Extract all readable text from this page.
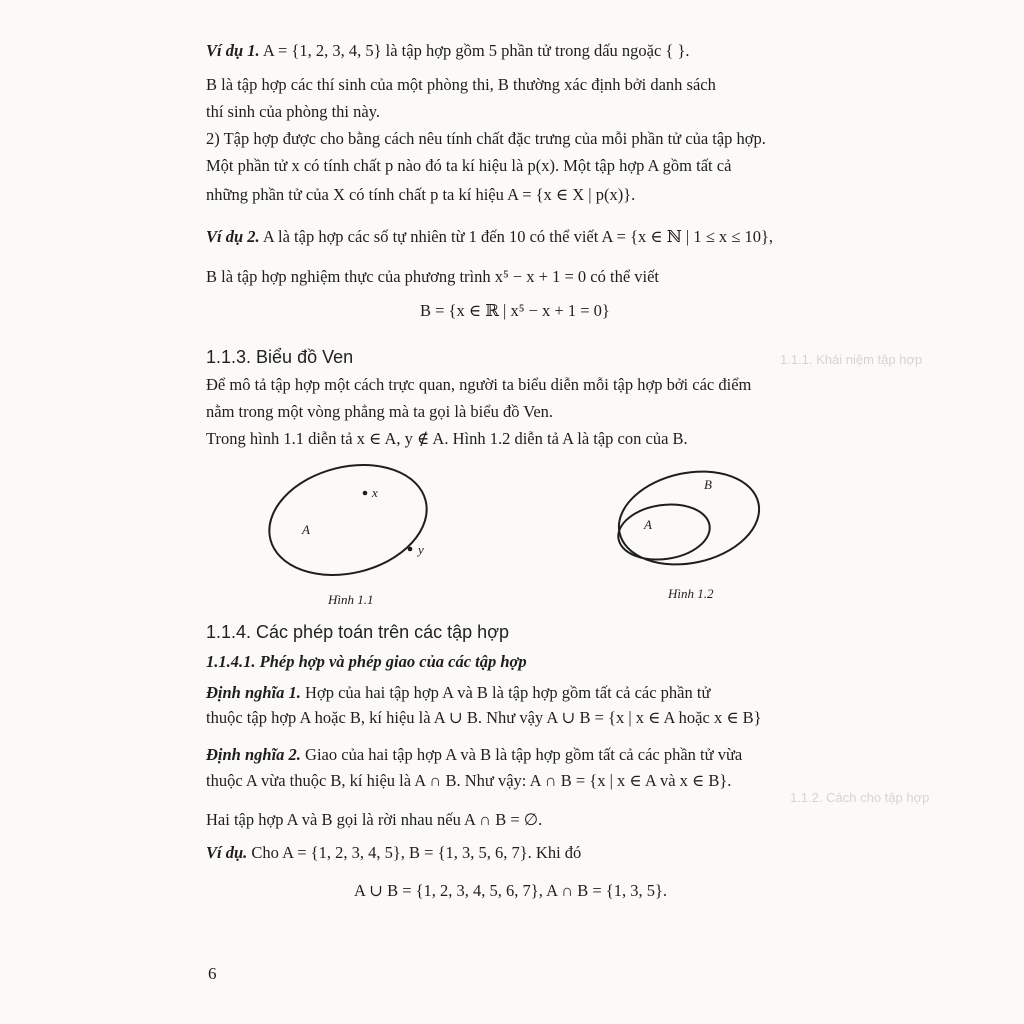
1.1.1. Khái niệm tập hợp
1.1.2. Cách cho tập hợp
Ví dụ 1. A = {1, 2, 3, 4, 5} là tập hợp gồm 5 phần tử trong dấu ngoặc { }.
B là tập hợp các thí sinh của một phòng thi, B thường xác định bởi danh sách
thí sinh của phòng thi này.
2) Tập hợp được cho bằng cách nêu tính chất đặc trưng của mỗi phần tử của tập hợp.
Một phần tử x có tính chất p nào đó ta kí hiệu là p(x). Một tập hợp A gồm tất cả
những phần tử của X có tính chất p ta kí hiệu A = {x ∈ X | p(x)}.
Ví dụ 2. A là tập hợp các số tự nhiên từ 1 đến 10 có thể viết A = {x ∈ ℕ | 1 ≤ x ≤ 10},
B là tập hợp nghiệm thực của phương trình x⁵ − x + 1 = 0 có thể viết
B = {x ∈ ℝ | x⁵ − x + 1 = 0}
1.1.3. Biểu đồ Ven
Để mô tả tập hợp một cách trực quan, người ta biểu diễn mỗi tập hợp bởi các điểm
nằm trong một vòng phẳng mà ta gọi là biểu đồ Ven.
Trong hình 1.1 diễn tả x ∈ A, y ∉ A. Hình 1.2 diễn tả A là tập con của B.
A
x
y
Hình 1.1
B
A
Hình 1.2
1.1.4. Các phép toán trên các tập hợp
1.1.4.1. Phép hợp và phép giao của các tập hợp
Định nghĩa 1. Hợp của hai tập hợp A và B là tập hợp gồm tất cả các phần tử
thuộc tập hợp A hoặc B, kí hiệu là A ∪ B. Như vậy A ∪ B = {x | x ∈ A hoặc x ∈ B}
Định nghĩa 2. Giao của hai tập hợp A và B là tập hợp gồm tất cả các phần tử vừa
thuộc A vừa thuộc B, kí hiệu là A ∩ B. Như vậy: A ∩ B = {x | x ∈ A và x ∈ B}.
Hai tập hợp A và B gọi là rời nhau nếu A ∩ B = ∅.
Ví dụ. Cho A = {1, 2, 3, 4, 5}, B = {1, 3, 5, 6, 7}. Khi đó
A ∪ B = {1, 2, 3, 4, 5, 6, 7}, A ∩ B = {1, 3, 5}.
6
